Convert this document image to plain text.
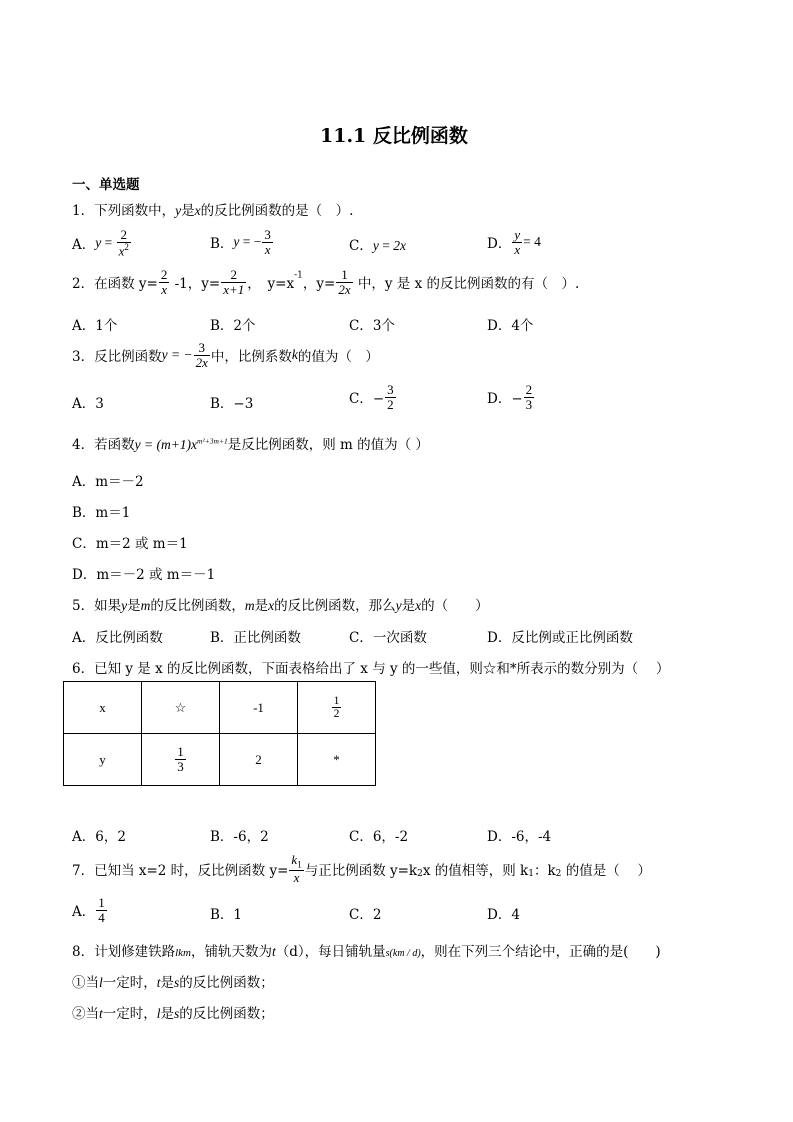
11.1 反比例函数
一、单选题
1．下列函数中，y是x的反比例函数的是（　）.
A．$y = \frac{2}{x^2}$	B．y = − $\frac{3}{x}$	C．y = 2x	D． $\frac{y}{x} = 4$
2．在函数 $y= \frac{2}{x} -1$，$y= \frac{2}{x+1}$ ，　$y=x^{-1}$，$y= \frac{1}{2x}$ 中，y 是 x 的反比例函数的有（　）.
A．1个	B．2个	C．3个	D．4个
3．反比例函数y = − $\frac{3}{2x}$ 中，比例系数k的值为（　）
A．3	B．−3	C．− $\frac{3}{2}$	D．− $\frac{2}{3}$
4．若函数$y = (m+1)x^{m^2+3m+1}$是反比例函数，则 m 的值为（ ）
A．m＝－2
B．m＝1
C．m＝2 或 m＝1
D．m＝－2 或 m＝－1
5．如果y是m的反比例函数，m是x的反比例函数，那么y是x的（　　）
A．反比例函数	B．正比例函数	C．一次函数	D．反比例或正比例函数
6．已知 y 是 x 的反比例函数，下面表格给出了 x 与 y 的一些值，则☆和*所表示的数分别为（　 ）
x	☆	-1	$\frac{1}{2}$

y	$\frac{1}{3}$	2	*
A．6，2	B．-6，2	C．6，-2	D．-6，-4
7．已知当 x=2 时，反比例函数 $y= \frac{k_1}{x}$ 与正比例函数 $y=k_2x$ 的值相等，则 $k_1$：$k_2$ 的值是（　 ）
A． $\frac{1}{4}$	B．1	C．2	D．4
8．计划修建铁路lkm，铺轨天数为t（d），每日铺轨量s(km / d)，则在下列三个结论中，正确的是(　　)
①当l一定时，t是s的反比例函数；
②当t一定时，l是s的反比例函数；
